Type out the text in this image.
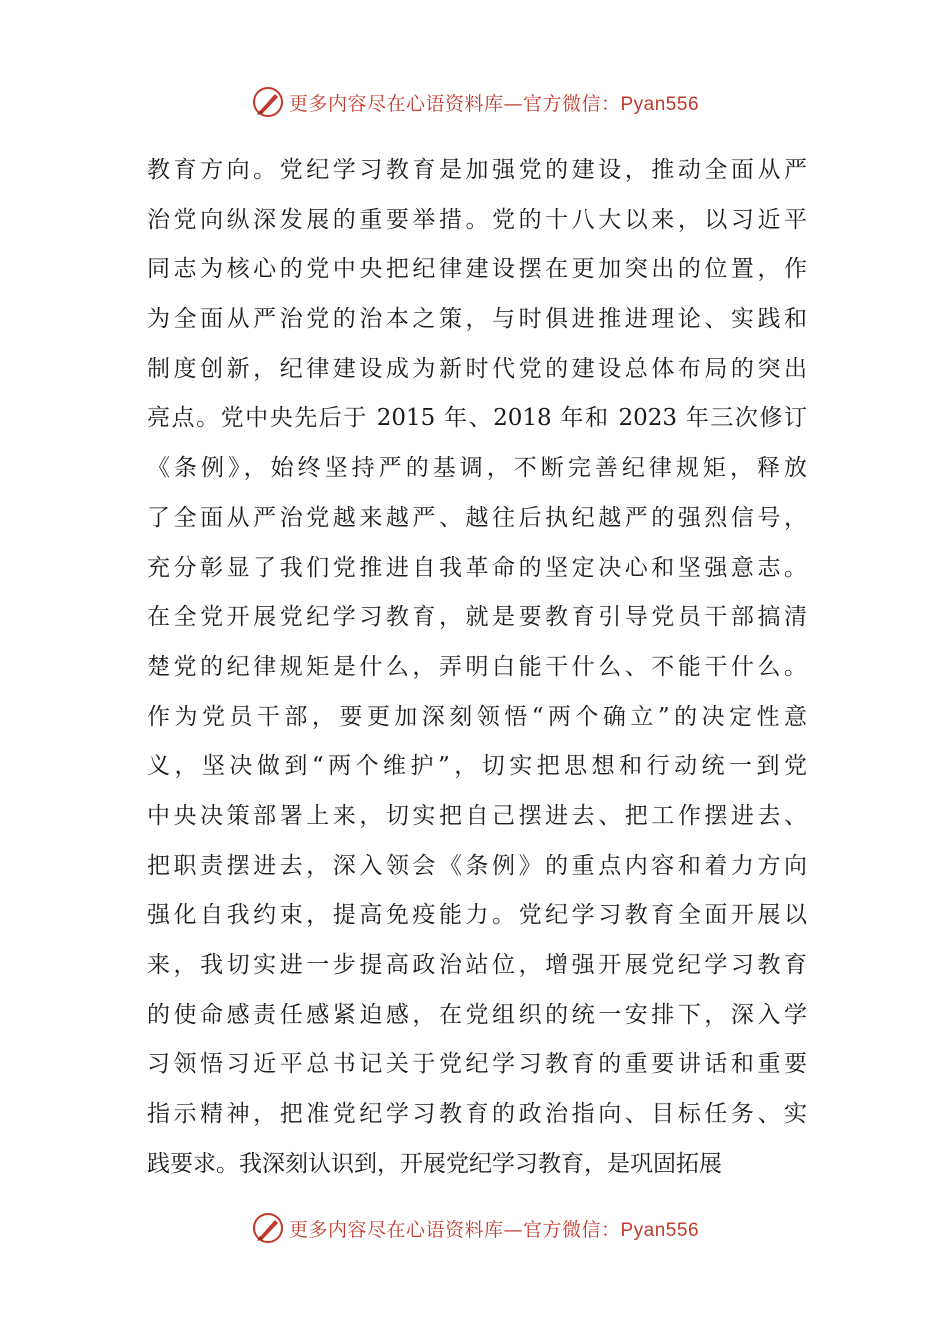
更多内容尽在心语资料库—官方微信：Pyan556
教育方向。党纪学习教育是加强党的建设，推动全面从严
治党向纵深发展的重要举措。党的十八大以来，以习近平
同志为核心的党中央把纪律建设摆在更加突出的位置，作
为全面从严治党的治本之策，与时俱进推进理论、实践和
制度创新，纪律建设成为新时代党的建设总体布局的突出
亮点。党中央先后于 2015 年、2018 年和 2023 年三次修订
《条例》，始终坚持严的基调，不断完善纪律规矩，释放
了全面从严治党越来越严、越往后执纪越严的强烈信号，
充分彰显了我们党推进自我革命的坚定决心和坚强意志。
在全党开展党纪学习教育，就是要教育引导党员干部搞清
楚党的纪律规矩是什么，弄明白能干什么、不能干什么。
作为党员干部，要更加深刻领悟“两个确立”的决定性意
义，坚决做到“两个维护”，切实把思想和行动统一到党
中央决策部署上来，切实把自己摆进去、把工作摆进去、
把职责摆进去，深入领会《条例》的重点内容和着力方向
强化自我约束，提高免疫能力。党纪学习教育全面开展以
来，我切实进一步提高政治站位，增强开展党纪学习教育
的使命感责任感紧迫感，在党组织的统一安排下，深入学
习领悟习近平总书记关于党纪学习教育的重要讲话和重要
指示精神，把准党纪学习教育的政治指向、目标任务、实
践要求。我深刻认识到，开展党纪学习教育，是巩固拓展
更多内容尽在心语资料库—官方微信：Pyan556
